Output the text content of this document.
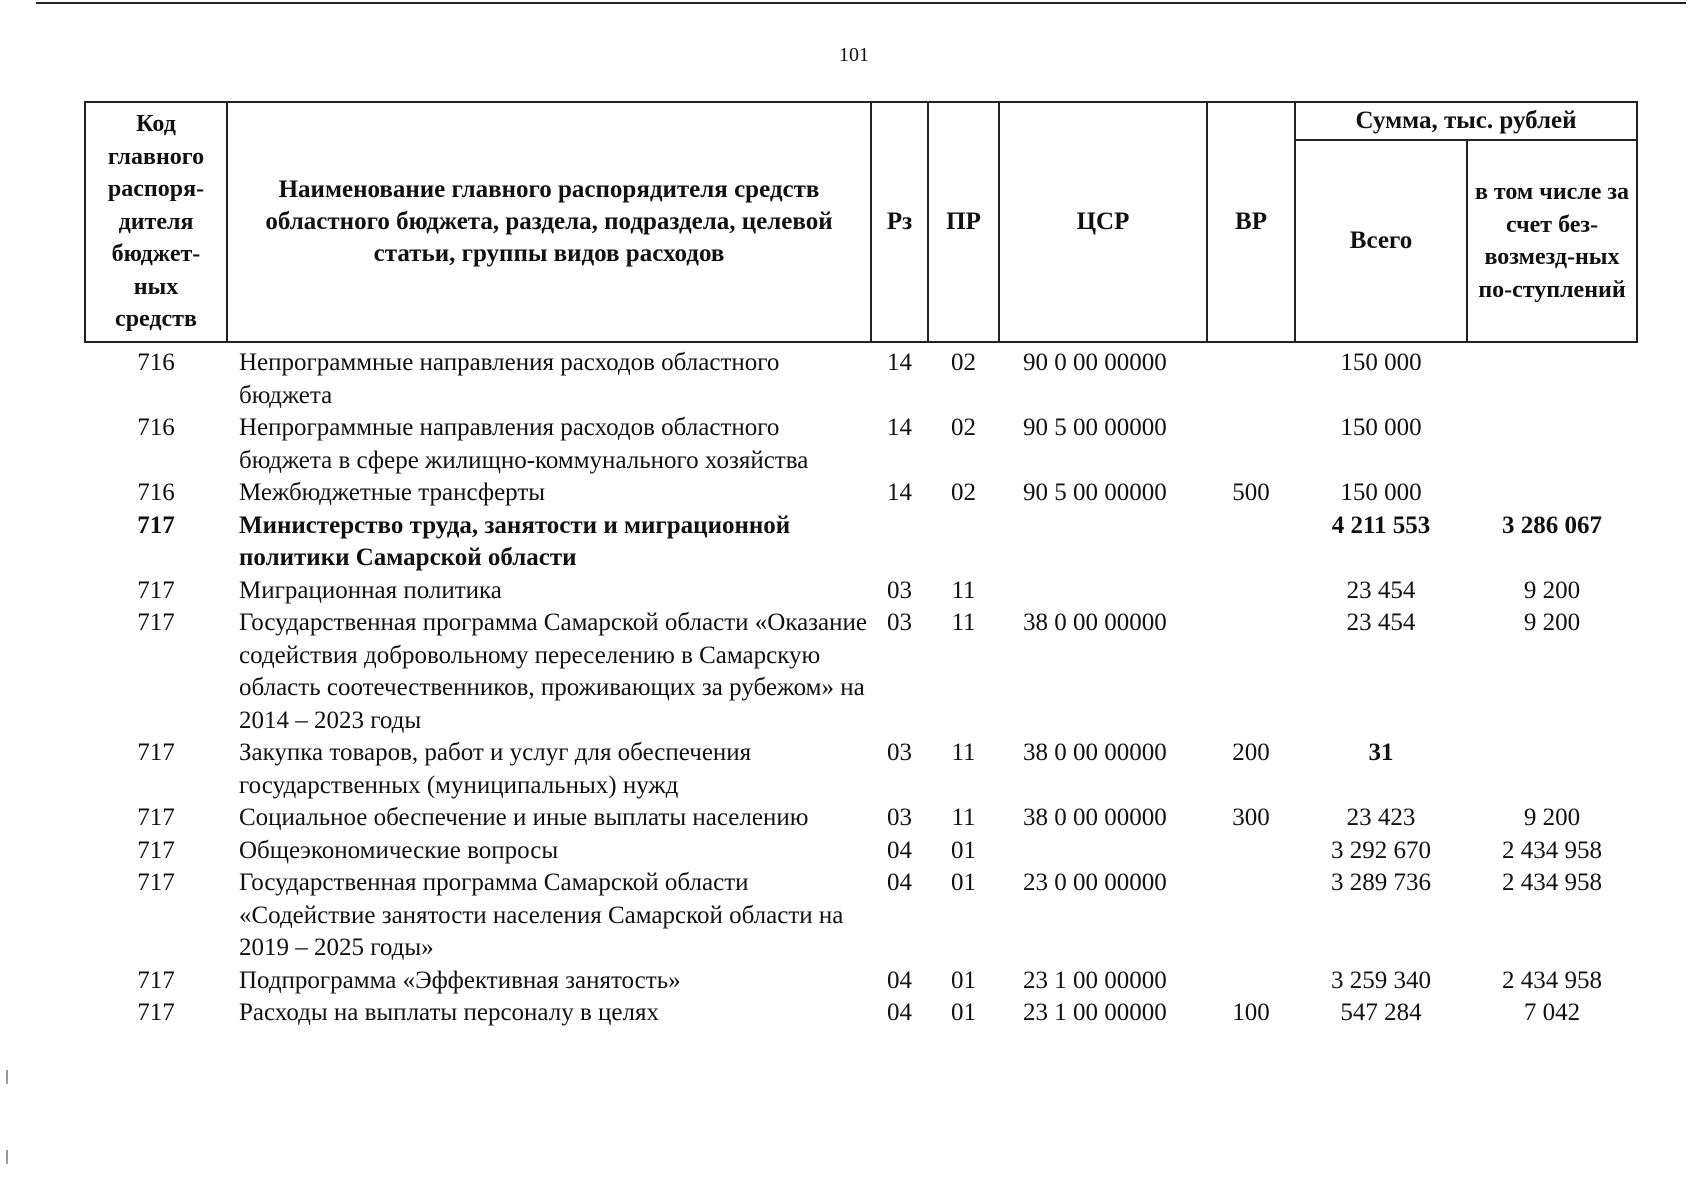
101
Код главного распоря-дителя бюджет-ных средств	Наименование главного распорядителя средств областного бюджета, раздела, подраздела, целевой статьи, группы видов расходов	Рз	ПР	ЦСР	ВР	Сумма, тыс. рублей	
						Всего	в том числе за счет без-возмезд-ных по-ступлений
716	Непрограммные направления расходов областного бюджета	14	02	90 0 00 00000		150 000	
716	Непрограммные направления расходов областного бюджета в сфере жилищно-коммунального хозяйства	14	02	90 5 00 00000		150 000	
716	Межбюджетные трансферты	14	02	90 5 00 00000	500	150 000	
717	Министерство труда, занятости и миграционной политики Самарской области					4 211 553	3 286 067
717	Миграционная политика	03	11			23 454	9 200
717	Государственная программа Самарской области «Оказание содействия добровольному переселению в Самарскую область соотечественников, проживающих за рубежом» на 2014 – 2023 годы	03	11	38 0 00 00000		23 454	9 200
717	Закупка товаров, работ и услуг для обеспечения государственных (муниципальных) нужд	03	11	38 0 00 00000	200	31	
717	Социальное обеспечение и иные выплаты населению	03	11	38 0 00 00000	300	23 423	9 200
717	Общеэкономические вопросы	04	01			3 292 670	2 434 958
717	Государственная программа Самарской области «Содействие занятости населения Самарской области на 2019 – 2025 годы»	04	01	23 0 00 00000		3 289 736	2 434 958
717	Подпрограмма «Эффективная занятость»	04	01	23 1 00 00000		3 259 340	2 434 958
717	Расходы на выплаты персоналу в целях	04	01	23 1 00 00000	100	547 284	7 042
